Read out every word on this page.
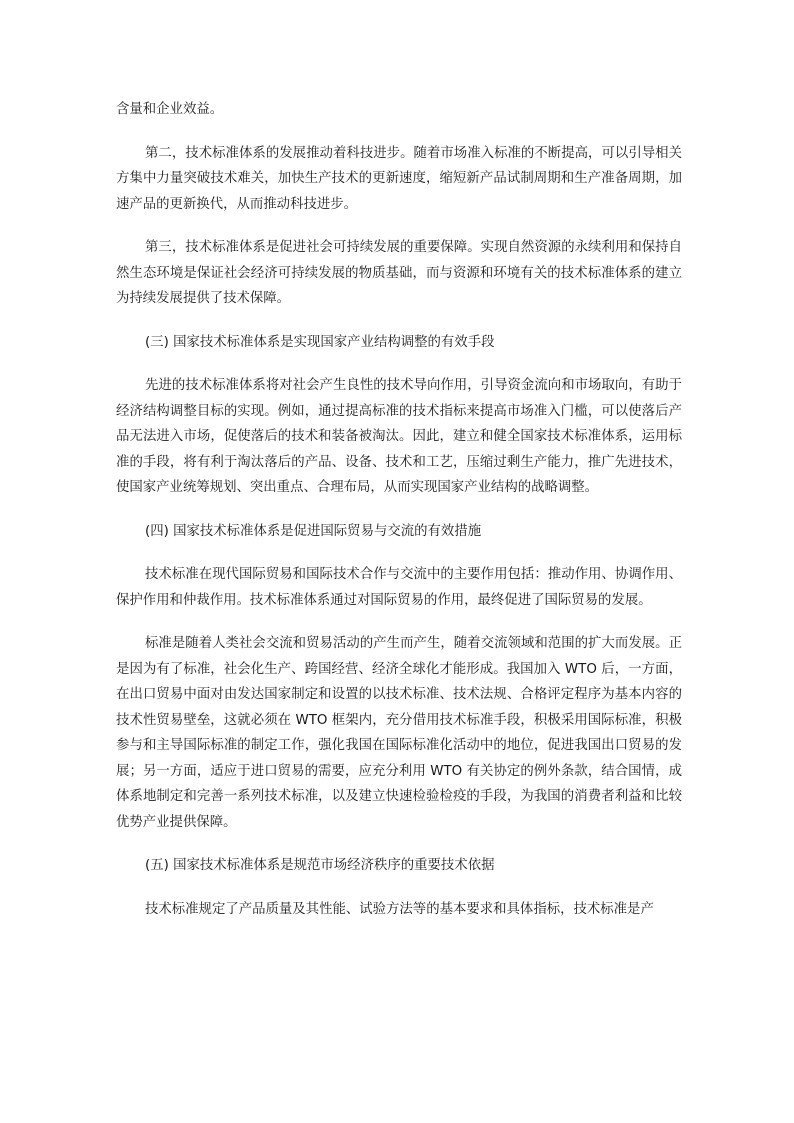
含量和企业效益。

第二，技术标准体系的发展推动着科技进步。随着市场准入标准的不断提高，可以引导相关方集中力量突破技术难关，加快生产技术的更新速度，缩短新产品试制周期和生产准备周期，加速产品的更新换代，从而推动科技进步。

第三，技术标准体系是促进社会可持续发展的重要保障。实现自然资源的永续利用和保持自然生态环境是保证社会经济可持续发展的物质基础，而与资源和环境有关的技术标准体系的建立为持续发展提供了技术保障。

(三) 国家技术标准体系是实现国家产业结构调整的有效手段

先进的技术标准体系将对社会产生良性的技术导向作用，引导资金流向和市场取向，有助于经济结构调整目标的实现。例如，通过提高标准的技术指标来提高市场准入门槛，可以使落后产品无法进入市场，促使落后的技术和装备被淘汰。因此，建立和健全国家技术标准体系，运用标准的手段，将有利于淘汰落后的产品、设备、技术和工艺，压缩过剩生产能力，推广先进技术，使国家产业统筹规划、突出重点、合理布局，从而实现国家产业结构的战略调整。

(四) 国家技术标准体系是促进国际贸易与交流的有效措施

技术标准在现代国际贸易和国际技术合作与交流中的主要作用包括：推动作用、协调作用、保护作用和仲裁作用。技术标准体系通过对国际贸易的作用，最终促进了国际贸易的发展。

标准是随着人类社会交流和贸易活动的产生而产生，随着交流领域和范围的扩大而发展。正是因为有了标准，社会化生产、跨国经营、经济全球化才能形成。我国加入 WTO 后，一方面，在出口贸易中面对由发达国家制定和设置的以技术标准、技术法规、合格评定程序为基本内容的技术性贸易壁垒，这就必须在 WTO 框架内，充分借用技术标准手段，积极采用国际标准，积极参与和主导国际标准的制定工作，强化我国在国际标准化活动中的地位，促进我国出口贸易的发展；另一方面，适应于进口贸易的需要，应充分利用 WTO 有关协定的例外条款，结合国情，成体系地制定和完善一系列技术标准，以及建立快速检验检疫的手段，为我国的消费者利益和比较优势产业提供保障。

(五) 国家技术标准体系是规范市场经济秩序的重要技术依据

技术标准规定了产品质量及其性能、试验方法等的基本要求和具体指标，技术标准是产
